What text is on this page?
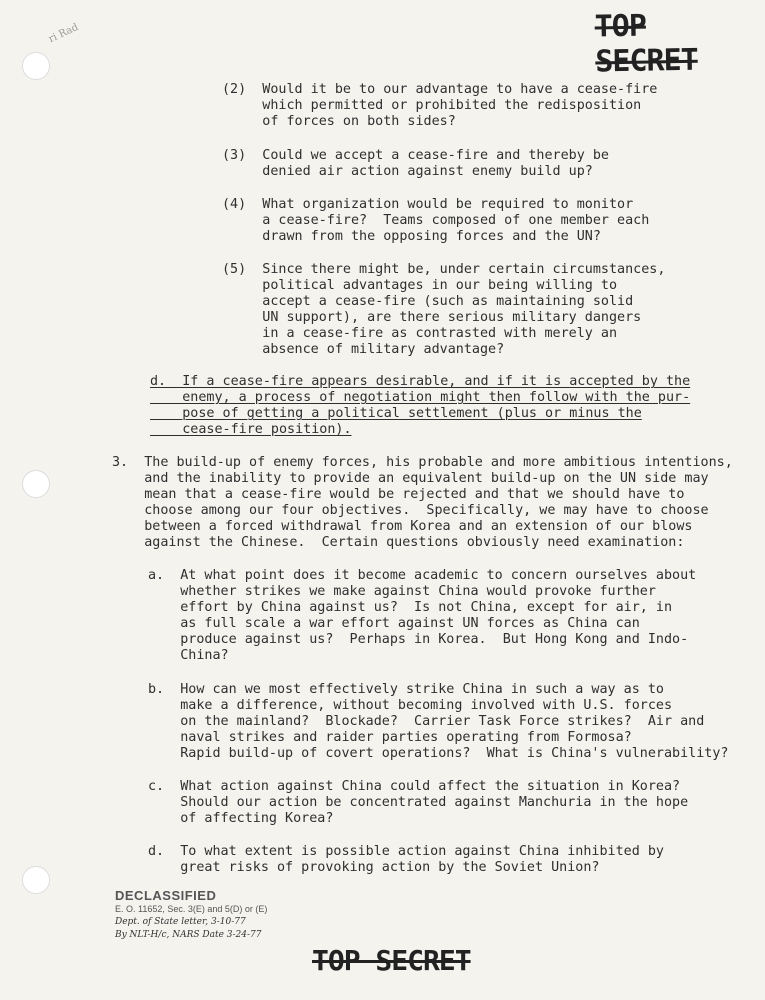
ri Rad	TOP SECRET
(2)  Would it be to our advantage to have a cease-fire
which permitted or prohibited the redisposition
of forces on both sides?
(3)  Could we accept a cease-fire and thereby be
denied air action against enemy build up?
(4)  What organization would be required to monitor
a cease-fire?  Teams composed of one member each
drawn from the opposing forces and the UN?
(5)  Since there might be, under certain circumstances,
political advantages in our being willing to
accept a cease-fire (such as maintaining solid
UN support), are there serious military dangers
in a cease-fire as contrasted with merely an
absence of military advantage?
d.  If a cease-fire appears desirable, and if it is accepted by the
enemy, a process of negotiation might then follow with the pur-
pose of getting a political settlement (plus or minus the
cease-fire position).
3.  The build-up of enemy forces, his probable and more ambitious intentions,
and the inability to provide an equivalent build-up on the UN side may
mean that a cease-fire would be rejected and that we should have to
choose among our four objectives.  Specifically, we may have to choose
between a forced withdrawal from Korea and an extension of our blows
against the Chinese.  Certain questions obviously need examination:
a.  At what point does it become academic to concern ourselves about
whether strikes we make against China would provoke further
effort by China against us?  Is not China, except for air, in
as full scale a war effort against UN forces as China can
produce against us?  Perhaps in Korea.  But Hong Kong and Indo-
China?
b.  How can we most effectively strike China in such a way as to
make a difference, without becoming involved with U.S. forces
on the mainland?  Blockade?  Carrier Task Force strikes?  Air and
naval strikes and raider parties operating from Formosa?
Rapid build-up of covert operations?  What is China's vulnerability?
c.  What action against China could affect the situation in Korea?
Should our action be concentrated against Manchuria in the hope
of affecting Korea?
d.  To what extent is possible action against China inhibited by
great risks of provoking action by the Soviet Union?
DECLASSIFIED
E. O. 11652, Sec. 3(E) and 5(D) or (E)
Dept. of State letter, 3-10-77
By NLT-H/c, NARS Date 3-24-77
TOP SECRET
